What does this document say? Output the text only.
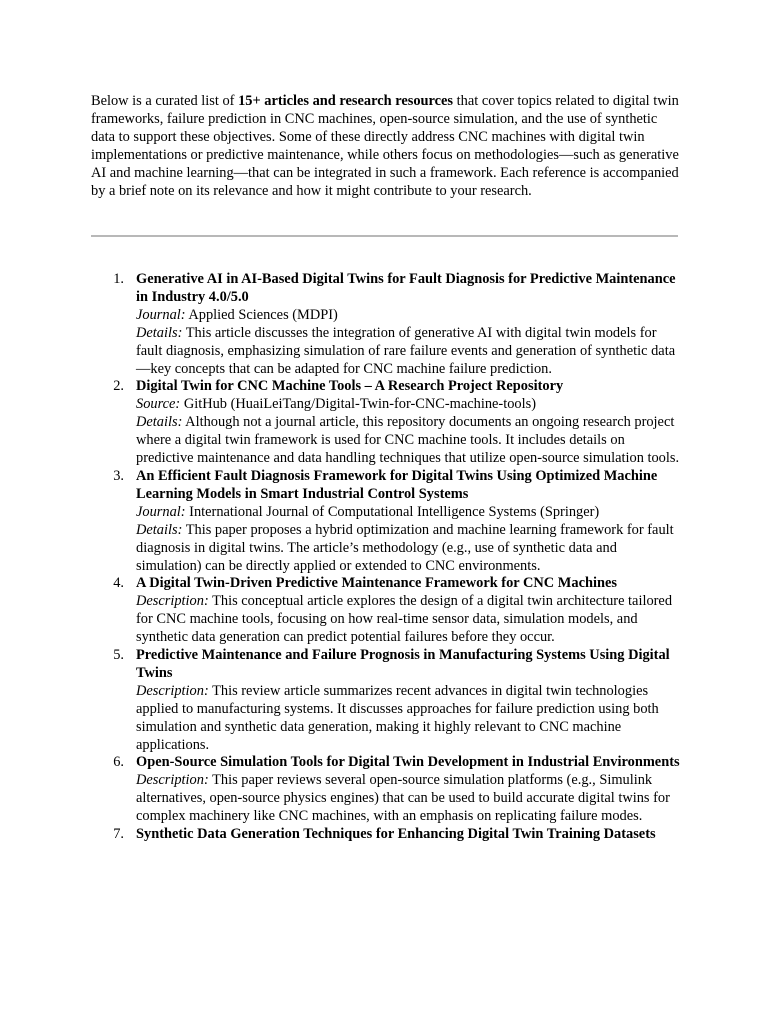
Below is a curated list of 15+ articles and research resources that cover topics related to digital twin frameworks, failure prediction in CNC machines, open-source simulation, and the use of synthetic data to support these objectives. Some of these directly address CNC machines with digital twin implementations or predictive maintenance, while others focus on methodologies—such as generative AI and machine learning—that can be integrated in such a framework. Each reference is accompanied by a brief note on its relevance and how it might contribute to your research.

1. Generative AI in AI-Based Digital Twins for Fault Diagnosis for Predictive Maintenance in Industry 4.0/5.0
Journal: Applied Sciences (MDPI)
Details: This article discusses the integration of generative AI with digital twin models for fault diagnosis, emphasizing simulation of rare failure events and generation of synthetic data—key concepts that can be adapted for CNC machine failure prediction.
2. Digital Twin for CNC Machine Tools – A Research Project Repository
Source: GitHub (HuaiLeiTang/Digital-Twin-for-CNC-machine-tools)
Details: Although not a journal article, this repository documents an ongoing research project where a digital twin framework is used for CNC machine tools. It includes details on predictive maintenance and data handling techniques that utilize open-source simulation tools.
3. An Efficient Fault Diagnosis Framework for Digital Twins Using Optimized Machine Learning Models in Smart Industrial Control Systems
Journal: International Journal of Computational Intelligence Systems (Springer)
Details: This paper proposes a hybrid optimization and machine learning framework for fault diagnosis in digital twins. The article’s methodology (e.g., use of synthetic data and simulation) can be directly applied or extended to CNC environments.
4. A Digital Twin-Driven Predictive Maintenance Framework for CNC Machines
Description: This conceptual article explores the design of a digital twin architecture tailored for CNC machine tools, focusing on how real-time sensor data, simulation models, and synthetic data generation can predict potential failures before they occur.
5. Predictive Maintenance and Failure Prognosis in Manufacturing Systems Using Digital Twins
Description: This review article summarizes recent advances in digital twin technologies applied to manufacturing systems. It discusses approaches for failure prediction using both simulation and synthetic data generation, making it highly relevant to CNC machine applications.
6. Open-Source Simulation Tools for Digital Twin Development in Industrial Environments
Description: This paper reviews several open-source simulation platforms (e.g., Simulink alternatives, open-source physics engines) that can be used to build accurate digital twins for complex machinery like CNC machines, with an emphasis on replicating failure modes.
7. Synthetic Data Generation Techniques for Enhancing Digital Twin Training Datasets
